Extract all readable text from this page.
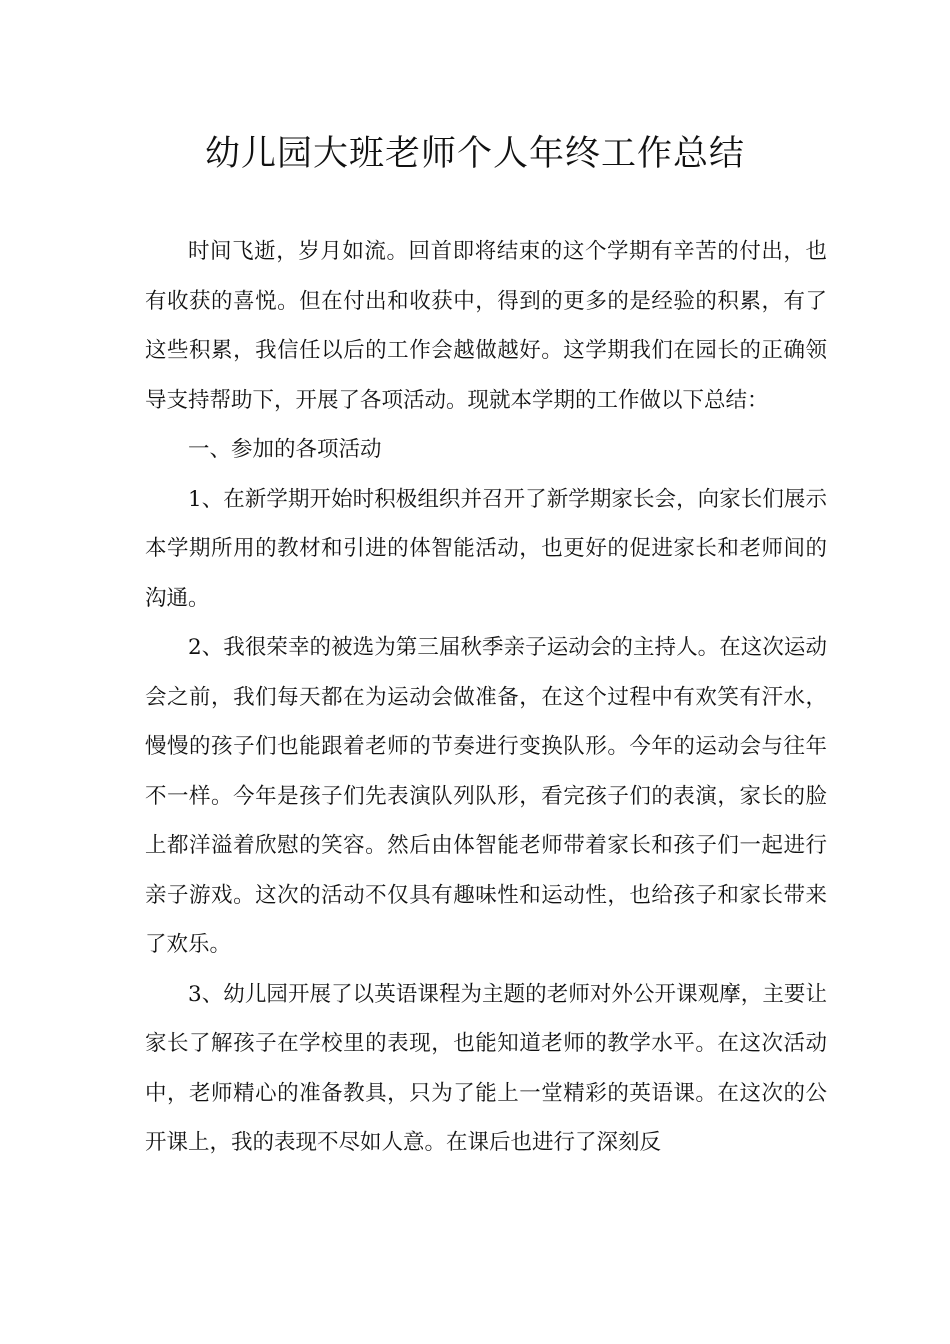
幼儿园大班老师个人年终工作总结

时间飞逝，岁月如流。回首即将结束的这个学期有辛苦的付出，也有收获的喜悦。但在付出和收获中，得到的更多的是经验的积累，有了这些积累，我信任以后的工作会越做越好。这学期我们在园长的正确领导支持帮助下，开展了各项活动。现就本学期的工作做以下总结：

一、参加的各项活动

1、在新学期开始时积极组织并召开了新学期家长会，向家长们展示本学期所用的教材和引进的体智能活动，也更好的促进家长和老师间的沟通。

2、我很荣幸的被选为第三届秋季亲子运动会的主持人。在这次运动会之前，我们每天都在为运动会做准备，在这个过程中有欢笑有汗水，慢慢的孩子们也能跟着老师的节奏进行变换队形。今年的运动会与往年不一样。今年是孩子们先表演队列队形，看完孩子们的表演，家长的脸上都洋溢着欣慰的笑容。然后由体智能老师带着家长和孩子们一起进行亲子游戏。这次的活动不仅具有趣味性和运动性，也给孩子和家长带来了欢乐。

3、幼儿园开展了以英语课程为主题的老师对外公开课观摩，主要让家长了解孩子在学校里的表现，也能知道老师的教学水平。在这次活动中，老师精心的准备教具，只为了能上一堂精彩的英语课。在这次的公开课上，我的表现不尽如人意。在课后也进行了深刻反
